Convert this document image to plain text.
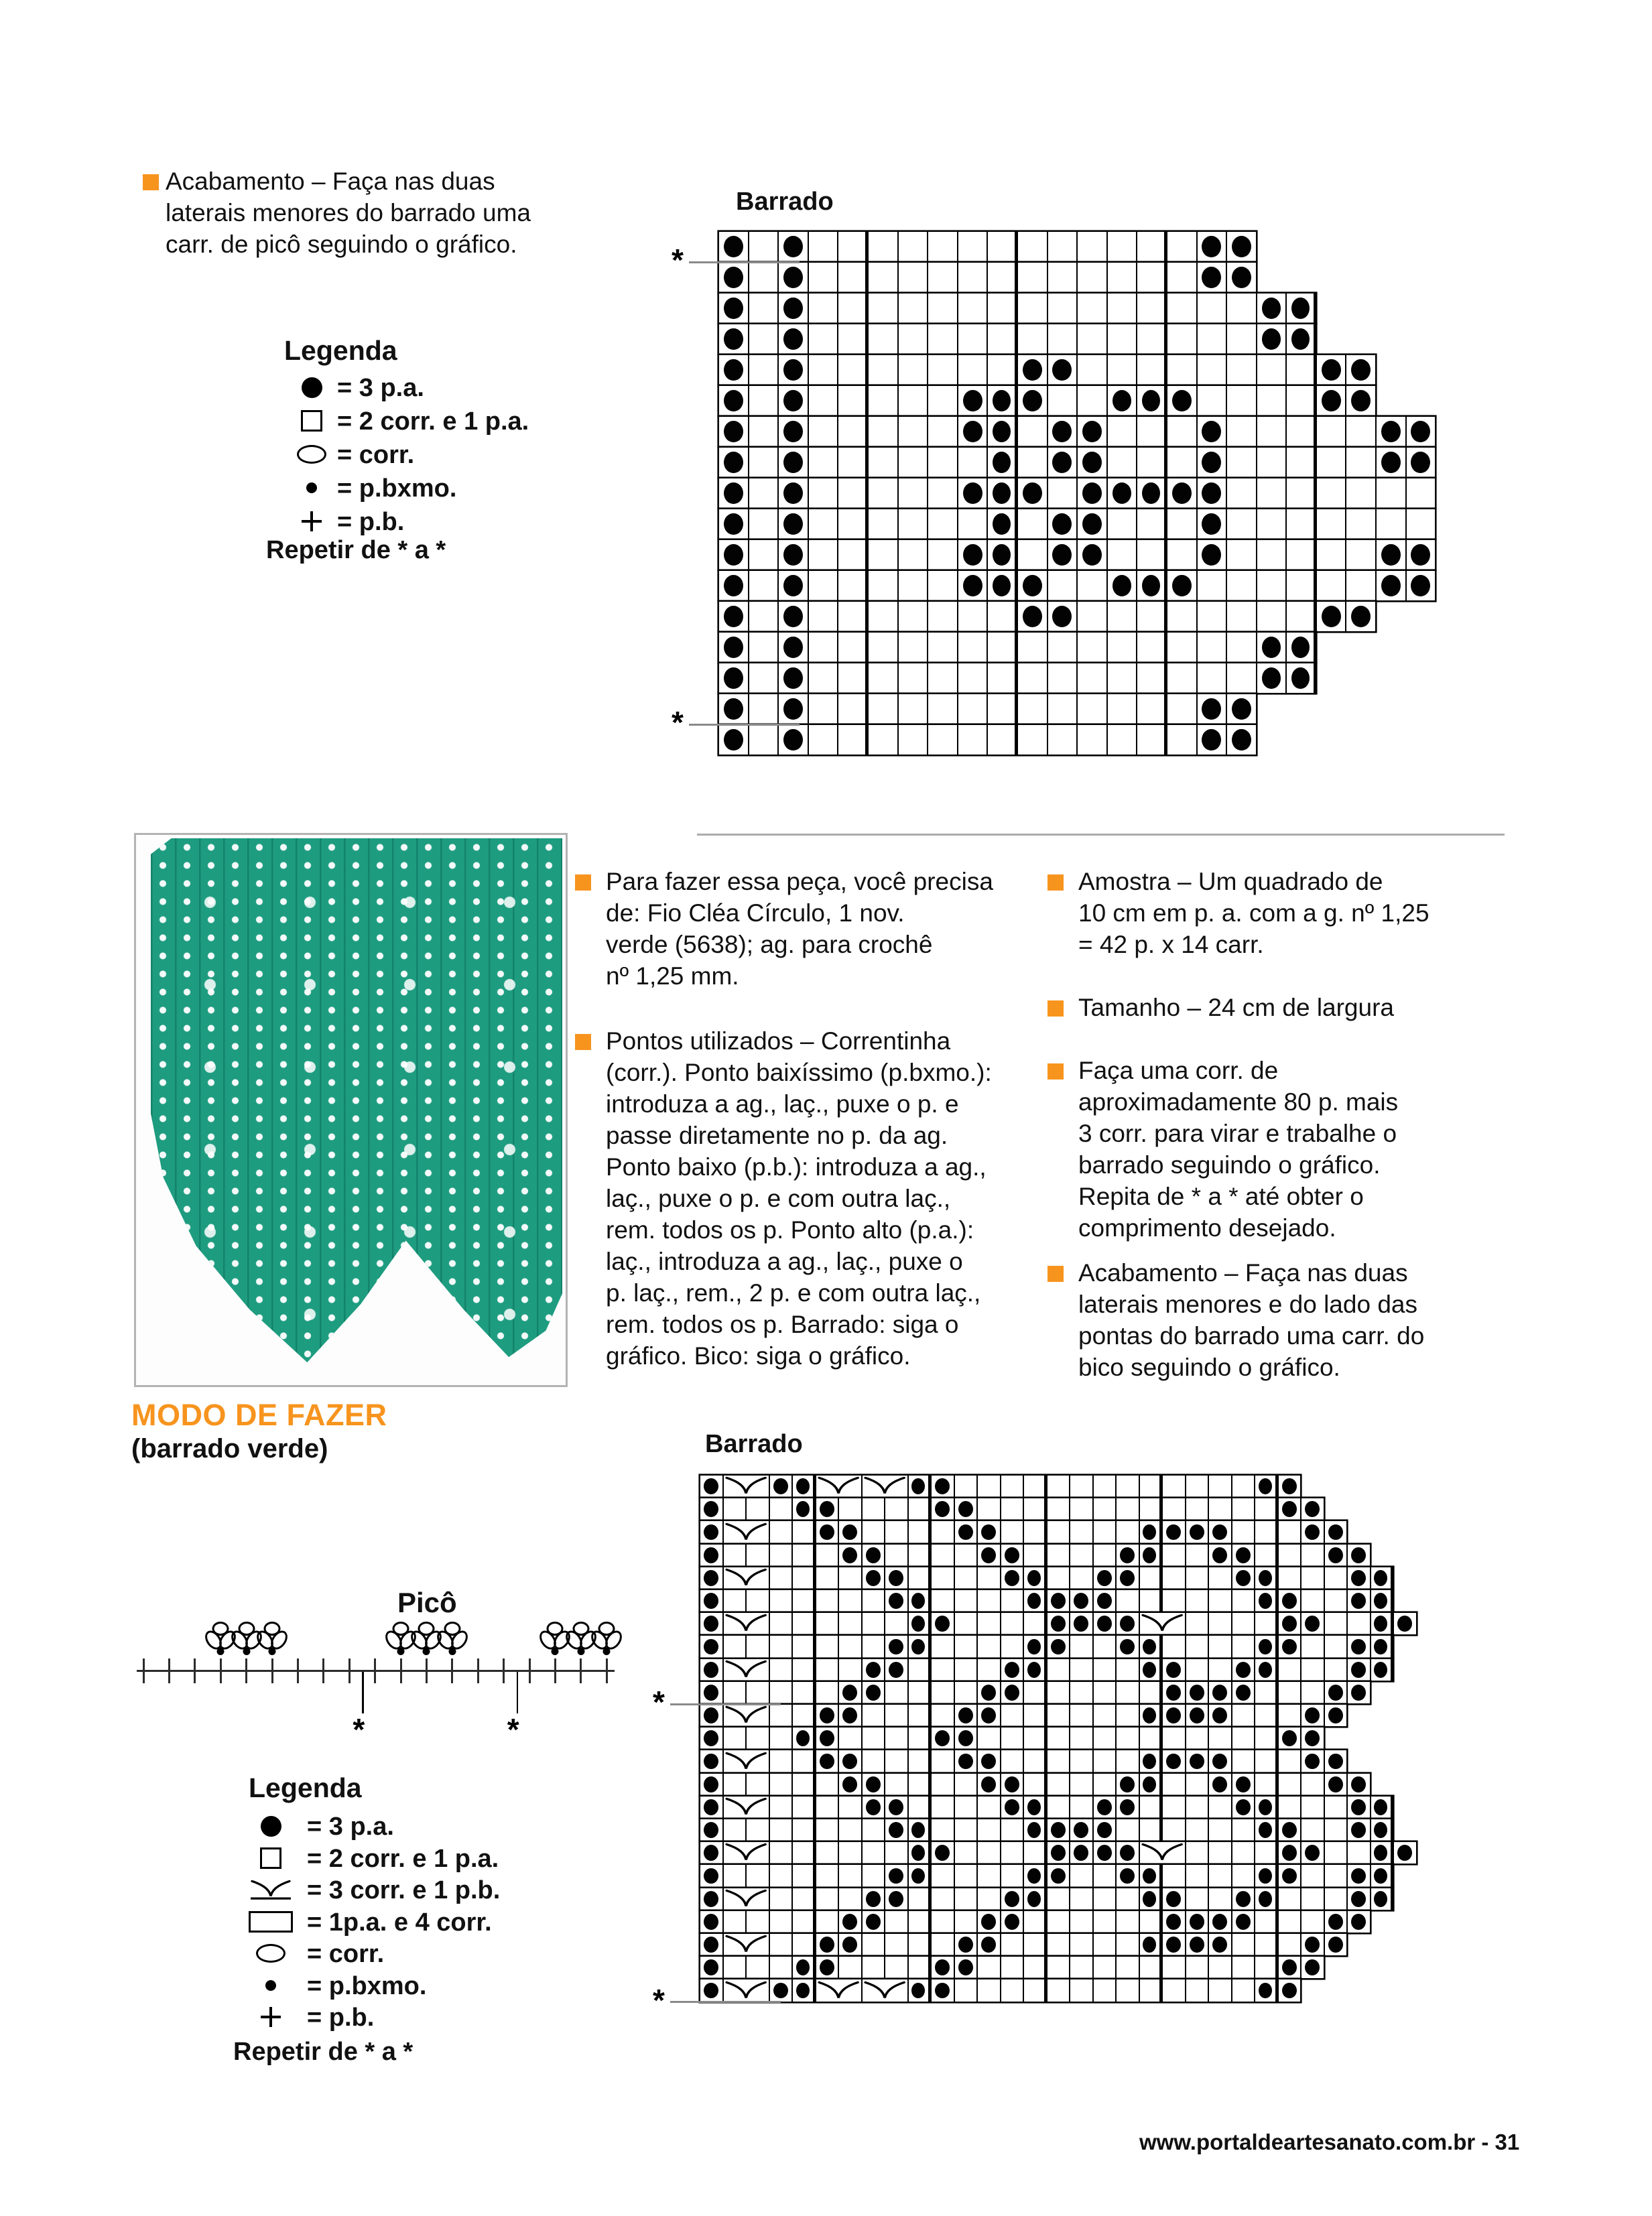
Acabamento – Faça nas duas
laterais menores do barrado uma
carr. de picô seguindo o gráfico.
Legenda
= 3 p.a.
= 2 corr. e 1 p.a.
= corr.
= p.bxmo.
= p.b.
Repetir de * a *
Barrado
MODO DE FAZER
(barrado verde)
Para fazer essa peça, você precisa
de: Fio Cléa Círculo, 1 nov.
verde (5638); ag. para crochê
nº 1,25 mm.
Pontos utilizados – Correntinha
(corr.). Ponto baixíssimo (p.bxmo.):
introduza a ag., laç., puxe o p. e
passe diretamente no p. da ag.
Ponto baixo (p.b.): introduza a ag.,
laç., puxe o p. e com outra laç.,
rem. todos os p. Ponto alto (p.a.):
laç., introduza a ag., laç., puxe o
p. laç., rem., 2 p. e com outra laç.,
rem. todos os p. Barrado: siga o
gráfico. Bico: siga o gráfico.
Amostra – Um quadrado de
10 cm em p. a. com a g. nº 1,25
= 42 p. x 14 carr.
Tamanho – 24 cm de largura
Faça uma corr. de
aproximadamente 80 p. mais
3 corr. para virar e trabalhe o
barrado seguindo o gráfico.
Repita de * a * até obter o
comprimento desejado.
Acabamento – Faça nas duas
laterais menores e do lado das
pontas do barrado uma carr. do
bico seguindo o gráfico.
Picô
*	*
Legenda
= 3 p.a.
= 2 corr. e 1 p.a.
= 3 corr. e 1 p.b.
= 1p.a. e 4 corr.
= corr.
= p.bxmo.
= p.b.
Repetir de * a *
Barrado
www.portaldeartesanato.com.br - 31
*
*
*
*
